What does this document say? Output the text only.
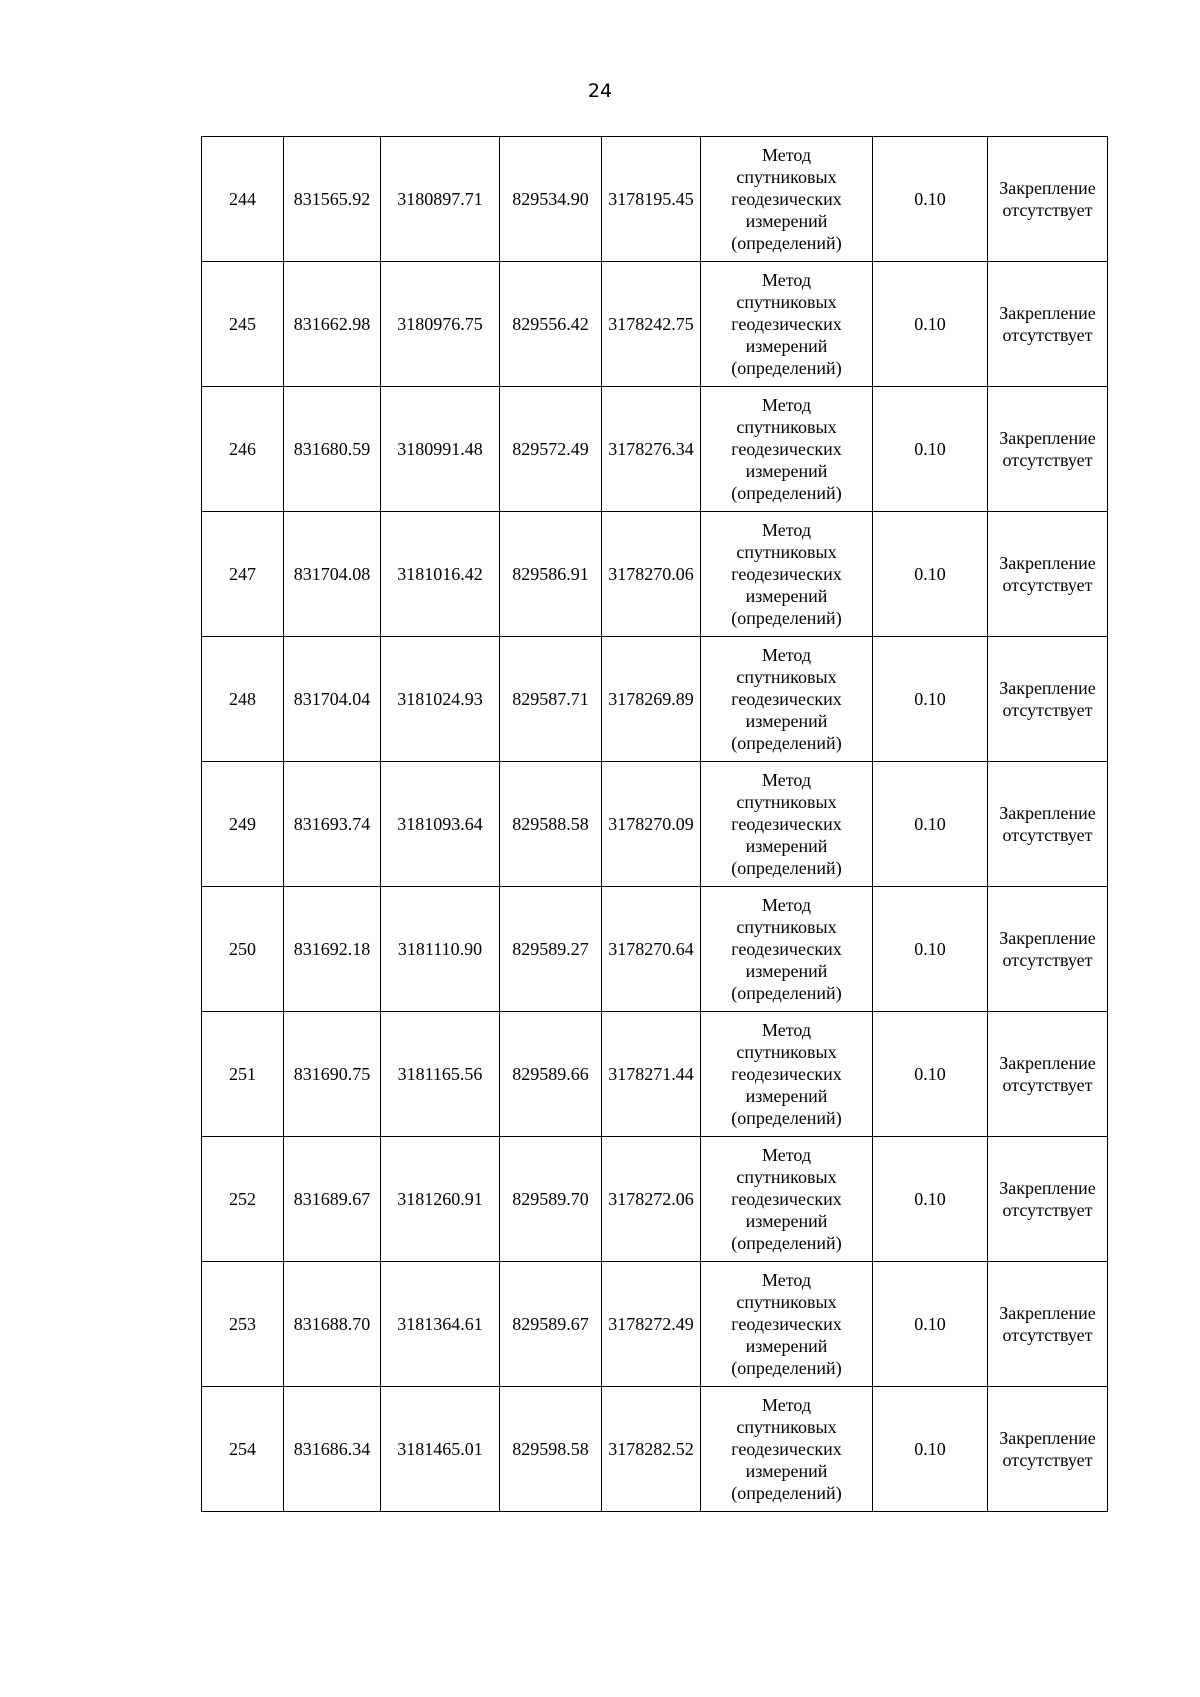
24
244	831565.92	3180897.71	829534.90	3178195.45	Метод
спутниковых
геодезических
измерений
(определений)	0.10	Закрепление
отсутствует

245	831662.98	3180976.75	829556.42	3178242.75	Метод
спутниковых
геодезических
измерений
(определений)	0.10	Закрепление
отсутствует

246	831680.59	3180991.48	829572.49	3178276.34	Метод
спутниковых
геодезических
измерений
(определений)	0.10	Закрепление
отсутствует

247	831704.08	3181016.42	829586.91	3178270.06	Метод
спутниковых
геодезических
измерений
(определений)	0.10	Закрепление
отсутствует

248	831704.04	3181024.93	829587.71	3178269.89	Метод
спутниковых
геодезических
измерений
(определений)	0.10	Закрепление
отсутствует

249	831693.74	3181093.64	829588.58	3178270.09	Метод
спутниковых
геодезических
измерений
(определений)	0.10	Закрепление
отсутствует

250	831692.18	3181110.90	829589.27	3178270.64	Метод
спутниковых
геодезических
измерений
(определений)	0.10	Закрепление
отсутствует

251	831690.75	3181165.56	829589.66	3178271.44	Метод
спутниковых
геодезических
измерений
(определений)	0.10	Закрепление
отсутствует

252	831689.67	3181260.91	829589.70	3178272.06	Метод
спутниковых
геодезических
измерений
(определений)	0.10	Закрепление
отсутствует

253	831688.70	3181364.61	829589.67	3178272.49	Метод
спутниковых
геодезических
измерений
(определений)	0.10	Закрепление
отсутствует

254	831686.34	3181465.01	829598.58	3178282.52	Метод
спутниковых
геодезических
измерений
(определений)	0.10	Закрепление
отсутствует
